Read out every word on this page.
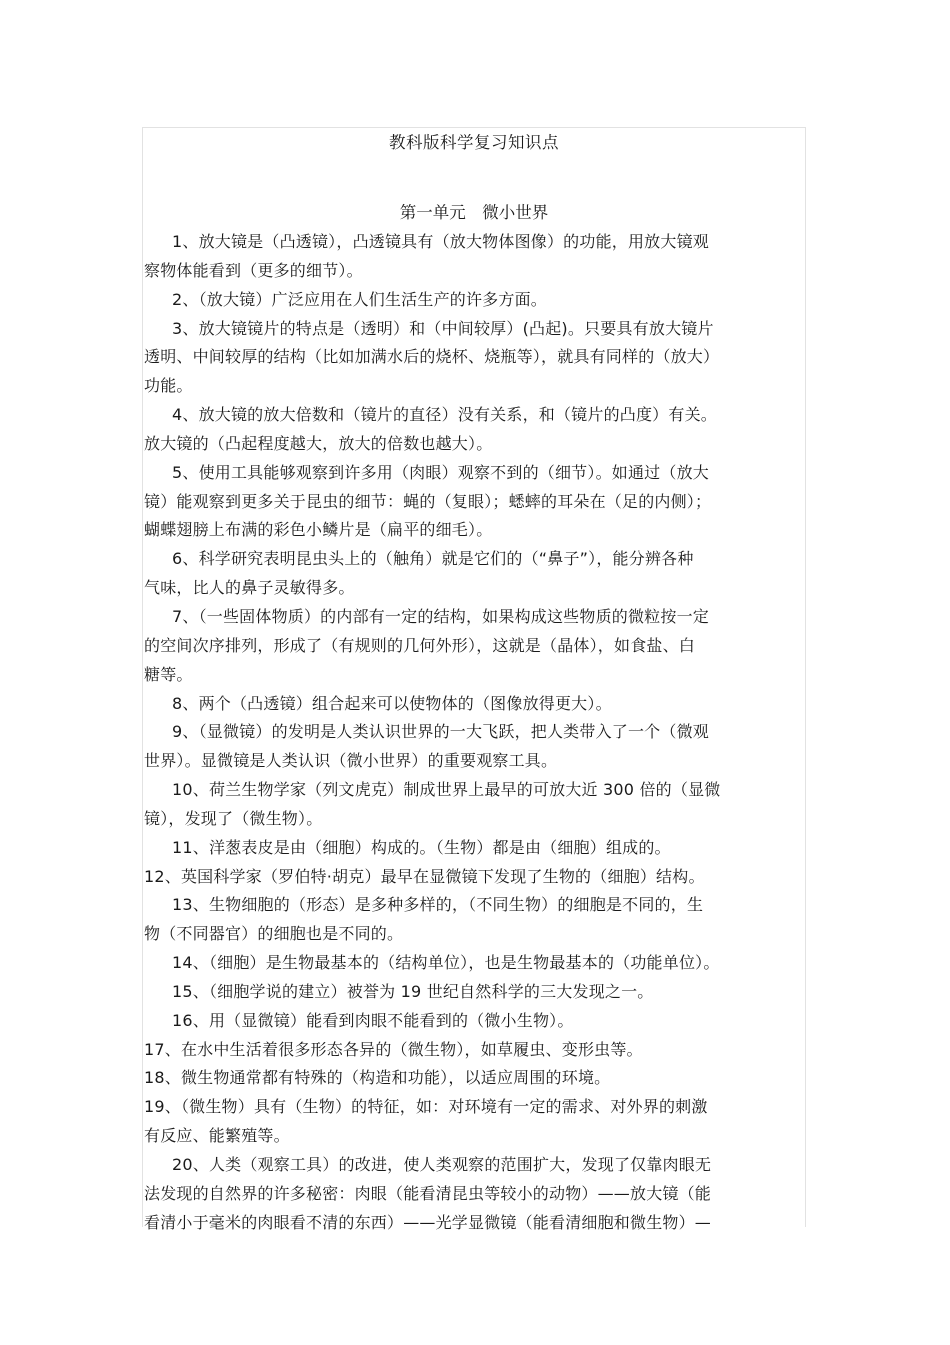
教科版科学复习知识点
第一单元　微小世界
1、放大镜是（凸透镜），凸透镜具有（放大物体图像）的功能，用放大镜观
察物体能看到（更多的细节）。
2、（放大镜）广泛应用在人们生活生产的许多方面。
3、放大镜镜片的特点是（透明）和（中间较厚）(凸起)。只要具有放大镜片
透明、中间较厚的结构（比如加满水后的烧杯、烧瓶等），就具有同样的（放大）
功能。
4、放大镜的放大倍数和（镜片的直径）没有关系，和（镜片的凸度）有关。
放大镜的（凸起程度越大，放大的倍数也越大）。
5、使用工具能够观察到许多用（肉眼）观察不到的（细节）。如通过（放大
镜）能观察到更多关于昆虫的细节：蝇的（复眼）；蟋蟀的耳朵在（足的内侧）；
蝴蝶翅膀上布满的彩色小鳞片是（扁平的细毛）。
6、科学研究表明昆虫头上的（触角）就是它们的（“鼻子”），能分辨各种
气味，比人的鼻子灵敏得多。
7、（一些固体物质）的内部有一定的结构，如果构成这些物质的微粒按一定
的空间次序排列，形成了（有规则的几何外形），这就是（晶体），如食盐、白
糖等。
8、两个（凸透镜）组合起来可以使物体的（图像放得更大）。
9、（显微镜）的发明是人类认识世界的一大飞跃，把人类带入了一个（微观
世界）。显微镜是人类认识（微小世界）的重要观察工具。
10、荷兰生物学家（列文虎克）制成世界上最早的可放大近 300 倍的（显微
镜），发现了（微生物）。
11、洋葱表皮是由（细胞）构成的。（生物）都是由（细胞）组成的。
12、英国科学家（罗伯特·胡克）最早在显微镜下发现了生物的（细胞）结构。
13、生物细胞的（形态）是多种多样的，（不同生物）的细胞是不同的，生
物（不同器官）的细胞也是不同的。
14、（细胞）是生物最基本的（结构单位），也是生物最基本的（功能单位）。
15、（细胞学说的建立）被誉为 19 世纪自然科学的三大发现之一。
16、用（显微镜）能看到肉眼不能看到的（微小生物）。
17、在水中生活着很多形态各异的（微生物），如草履虫、变形虫等。
18、微生物通常都有特殊的（构造和功能），以适应周围的环境。
19、（微生物）具有（生物）的特征，如：对环境有一定的需求、对外界的刺激
有反应、能繁殖等。
20、人类（观察工具）的改进，使人类观察的范围扩大，发现了仅靠肉眼无
法发现的自然界的许多秘密：肉眼（能看清昆虫等较小的动物）——放大镜（能
看清小于毫米的肉眼看不清的东西）——光学显微镜（能看清细胞和微生物）—
